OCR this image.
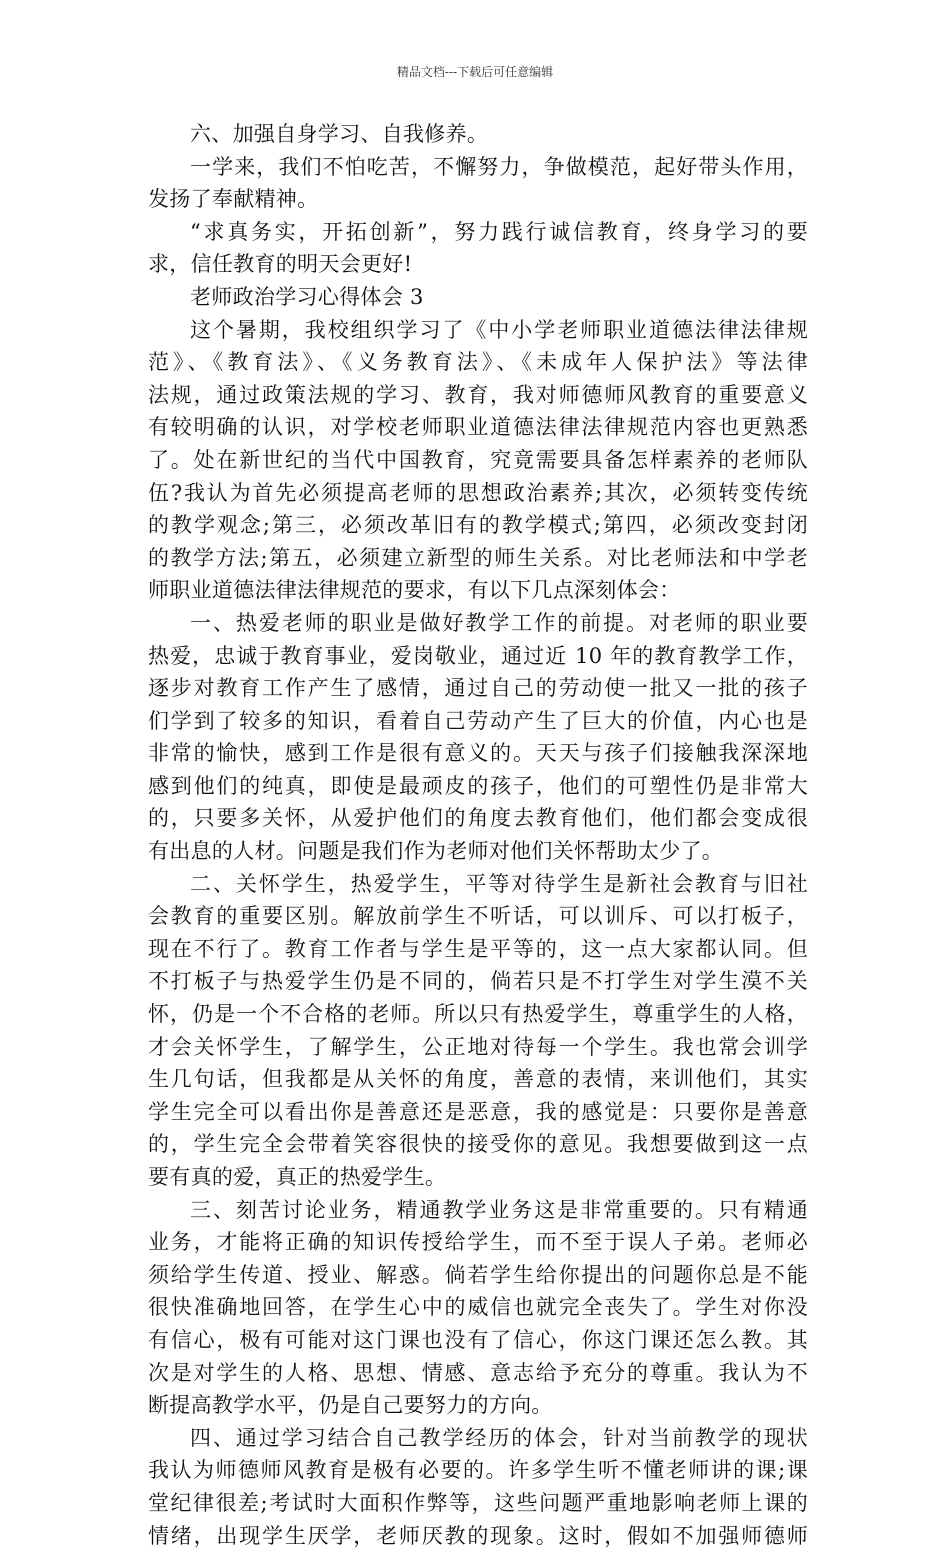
精品文档---下载后可任意编辑
六、加强自身学习、自我修养。
一学来，我们不怕吃苦，不懈努力，争做模范，起好带头作用，
发扬了奉献精神。
“求真务实，开拓创新”，努力践行诚信教育，终身学习的要
求，信任教育的明天会更好!
老师政治学习心得体会 3
这个暑期，我校组织学习了《中小学老师职业道德法律法律规
范》、《教育法》、《义务教育法》、《未成年人保护法》等法律
法规，通过政策法规的学习、教育，我对师德师风教育的重要意义
有较明确的认识，对学校老师职业道德法律法律规范内容也更熟悉
了。处在新世纪的当代中国教育，究竟需要具备怎样素养的老师队
伍?我认为首先必须提高老师的思想政治素养;其次，必须转变传统
的教学观念;第三，必须改革旧有的教学模式;第四，必须改变封闭
的教学方法;第五，必须建立新型的师生关系。对比老师法和中学老
师职业道德法律法律规范的要求，有以下几点深刻体会：
一、热爱老师的职业是做好教学工作的前提。对老师的职业要
热爱，忠诚于教育事业，爱岗敬业，通过近 10 年的教育教学工作，
逐步对教育工作产生了感情，通过自己的劳动使一批又一批的孩子
们学到了较多的知识，看着自己劳动产生了巨大的价值，内心也是
非常的愉快，感到工作是很有意义的。天天与孩子们接触我深深地
感到他们的纯真，即使是最顽皮的孩子，他们的可塑性仍是非常大
的，只要多关怀，从爱护他们的角度去教育他们，他们都会变成很
有出息的人材。问题是我们作为老师对他们关怀帮助太少了。
二、关怀学生，热爱学生，平等对待学生是新社会教育与旧社
会教育的重要区别。解放前学生不听话，可以训斥、可以打板子，
现在不行了。教育工作者与学生是平等的，这一点大家都认同。但
不打板子与热爱学生仍是不同的，倘若只是不打学生对学生漠不关
怀，仍是一个不合格的老师。所以只有热爱学生，尊重学生的人格，
才会关怀学生，了解学生，公正地对待每一个学生。我也常会训学
生几句话，但我都是从关怀的角度，善意的表情，来训他们，其实
学生完全可以看出你是善意还是恶意，我的感觉是：只要你是善意
的，学生完全会带着笑容很快的接受你的意见。我想要做到这一点
要有真的爱，真正的热爱学生。
三、刻苦讨论业务，精通教学业务这是非常重要的。只有精通
业务，才能将正确的知识传授给学生，而不至于误人子弟。老师必
须给学生传道、授业、解惑。倘若学生给你提出的问题你总是不能
很快准确地回答，在学生心中的威信也就完全丧失了。学生对你没
有信心，极有可能对这门课也没有了信心，你这门课还怎么教。其
次是对学生的人格、思想、情感、意志给予充分的尊重。我认为不
断提高教学水平，仍是自己要努力的方向。
四、通过学习结合自己教学经历的体会，针对当前教学的现状
我认为师德师风教育是极有必要的。许多学生听不懂老师讲的课;课
堂纪律很差;考试时大面积作弊等，这些问题严重地影响老师上课的
情绪，出现学生厌学，老师厌教的现象。这时，假如不加强师德师
